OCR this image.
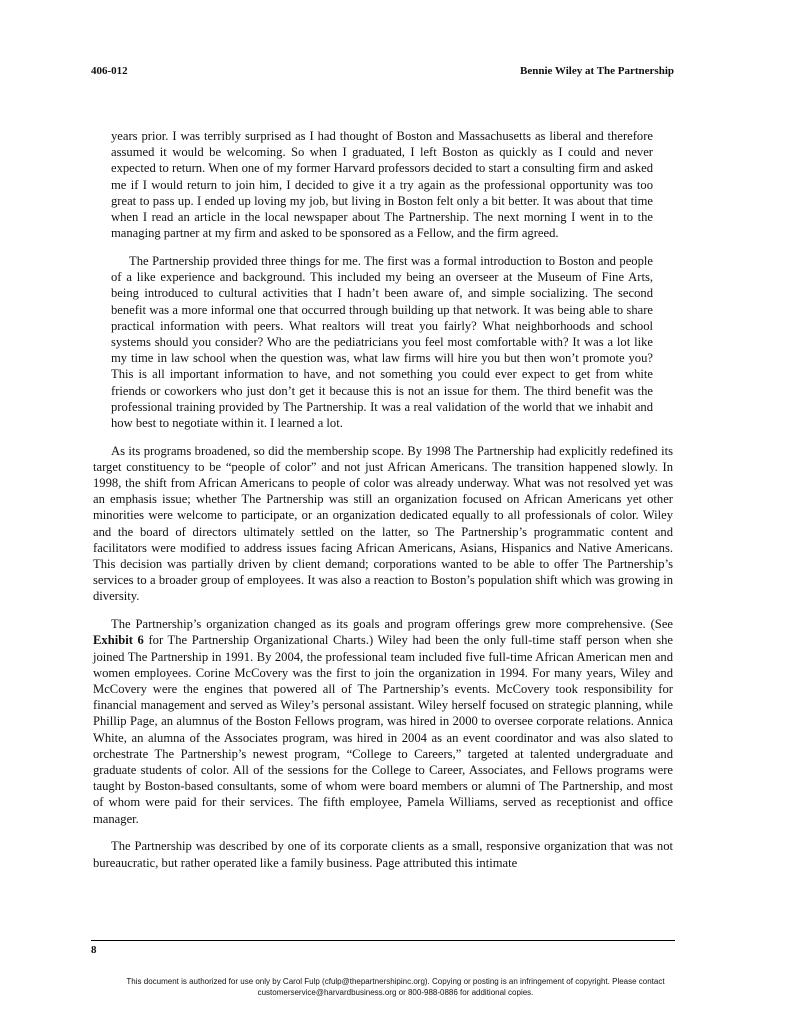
406-012	Bennie Wiley at The Partnership

years prior. I was terribly surprised as I had thought of Boston and Massachusetts as liberal and therefore assumed it would be welcoming. So when I graduated, I left Boston as quickly as I could and never expected to return. When one of my former Harvard professors decided to start a consulting firm and asked me if I would return to join him, I decided to give it a try again as the professional opportunity was too great to pass up. I ended up loving my job, but living in Boston felt only a bit better. It was about that time when I read an article in the local newspaper about The Partnership. The next morning I went in to the managing partner at my firm and asked to be sponsored as a Fellow, and the firm agreed.

The Partnership provided three things for me. The first was a formal introduction to Boston and people of a like experience and background. This included my being an overseer at the Museum of Fine Arts, being introduced to cultural activities that I hadn’t been aware of, and simple socializing. The second benefit was a more informal one that occurred through building up that network. It was being able to share practical information with peers. What realtors will treat you fairly? What neighborhoods and school systems should you consider? Who are the pediatricians you feel most comfortable with? It was a lot like my time in law school when the question was, what law firms will hire you but then won’t promote you? This is all important information to have, and not something you could ever expect to get from white friends or coworkers who just don’t get it because this is not an issue for them. The third benefit was the professional training provided by The Partnership. It was a real validation of the world that we inhabit and how best to negotiate within it. I learned a lot.

As its programs broadened, so did the membership scope. By 1998 The Partnership had explicitly redefined its target constituency to be “people of color” and not just African Americans. The transition happened slowly. In 1998, the shift from African Americans to people of color was already underway. What was not resolved yet was an emphasis issue; whether The Partnership was still an organization focused on African Americans yet other minorities were welcome to participate, or an organization dedicated equally to all professionals of color. Wiley and the board of directors ultimately settled on the latter, so The Partnership’s programmatic content and facilitators were modified to address issues facing African Americans, Asians, Hispanics and Native Americans. This decision was partially driven by client demand; corporations wanted to be able to offer The Partnership’s services to a broader group of employees. It was also a reaction to Boston’s population shift which was growing in diversity.

The Partnership’s organization changed as its goals and program offerings grew more comprehensive. (See Exhibit 6 for The Partnership Organizational Charts.) Wiley had been the only full-time staff person when she joined The Partnership in 1991. By 2004, the professional team included five full-time African American men and women employees. Corine McCovery was the first to join the organization in 1994. For many years, Wiley and McCovery were the engines that powered all of The Partnership’s events. McCovery took responsibility for financial management and served as Wiley’s personal assistant. Wiley herself focused on strategic planning, while Phillip Page, an alumnus of the Boston Fellows program, was hired in 2000 to oversee corporate relations. Annica White, an alumna of the Associates program, was hired in 2004 as an event coordinator and was also slated to orchestrate The Partnership’s newest program, “College to Careers,” targeted at talented undergraduate and graduate students of color. All of the sessions for the College to Career, Associates, and Fellows programs were taught by Boston-based consultants, some of whom were board members or alumni of The Partnership, and most of whom were paid for their services. The fifth employee, Pamela Williams, served as receptionist and office manager.

The Partnership was described by one of its corporate clients as a small, responsive organization that was not bureaucratic, but rather operated like a family business. Page attributed this intimate

8
This document is authorized for use only by Carol Fulp (cfulp@thepartnershipinc.org). Copying or posting is an infringement of copyright. Please contact
customerservice@harvardbusiness.org or 800-988-0886 for additional copies.
